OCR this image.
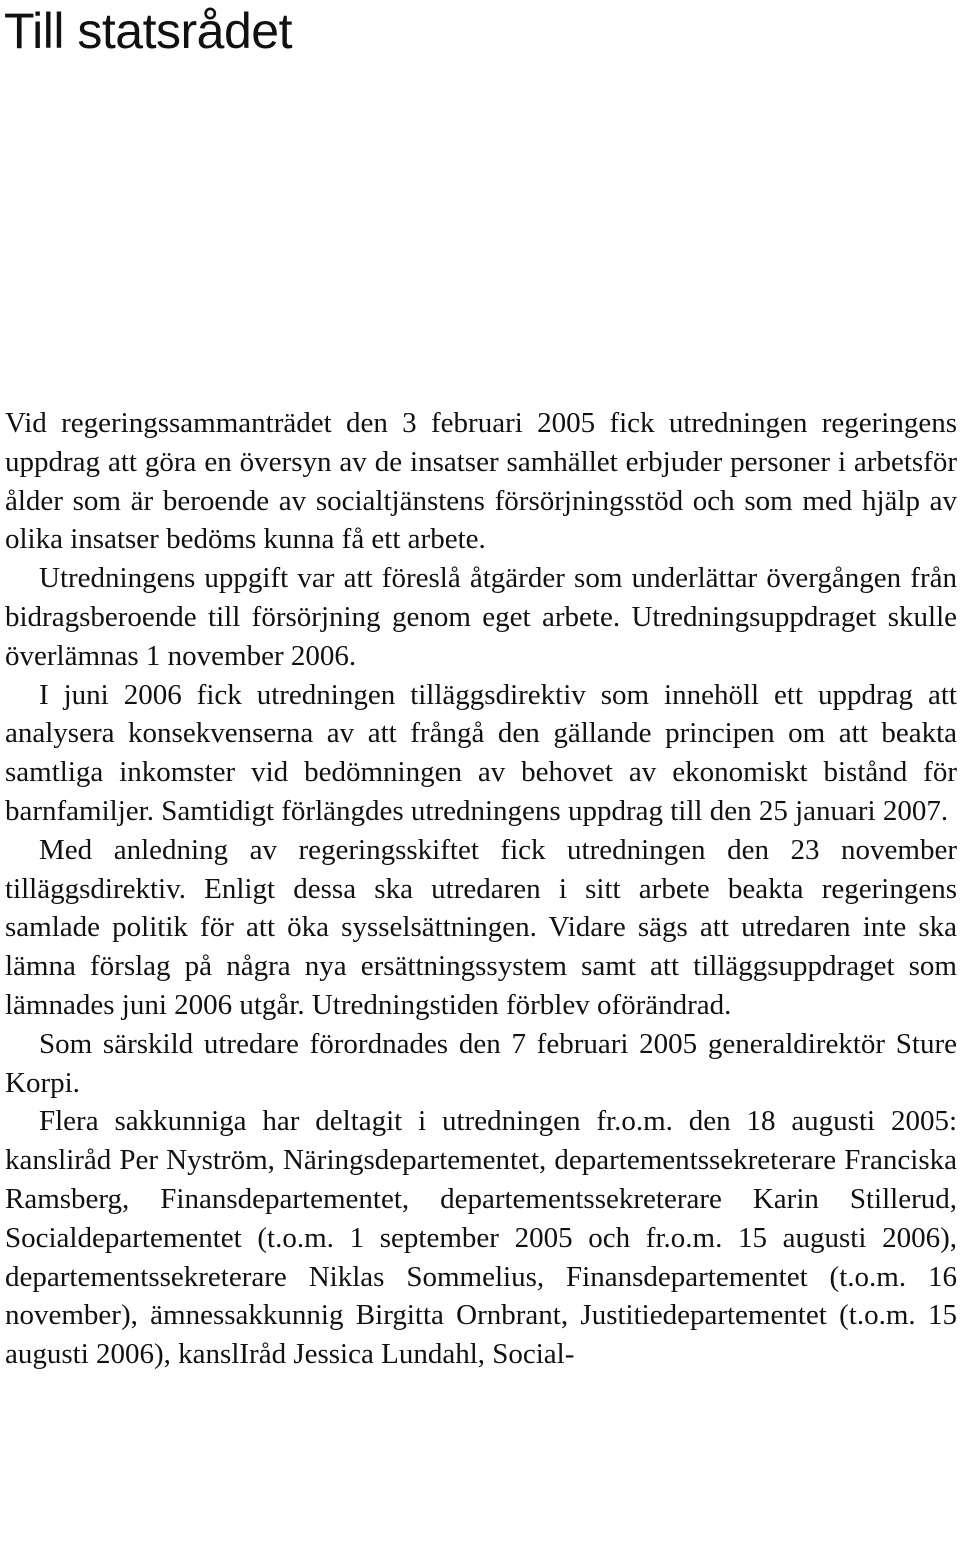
Till statsrådet

Vid regeringssammanträdet den 3 februari 2005 fick utredningen regeringens uppdrag att göra en översyn av de insatser samhället erbjuder personer i arbetsför ålder som är beroende av socialtjänstens försörjningsstöd och som med hjälp av olika insatser bedöms kunna få ett arbete.

Utredningens uppgift var att föreslå åtgärder som underlättar övergången från bidragsberoende till försörjning genom eget arbete. Utredningsuppdraget skulle överlämnas 1 november 2006.

I juni 2006 fick utredningen tilläggsdirektiv som innehöll ett uppdrag att analysera konsekvenserna av att frångå den gällande principen om att beakta samtliga inkomster vid bedömningen av behovet av ekonomiskt bistånd för barnfamiljer. Samtidigt förlängdes utredningens uppdrag till den 25 januari 2007.

Med anledning av regeringsskiftet fick utredningen den 23 november tilläggsdirektiv. Enligt dessa ska utredaren i sitt arbete beakta regeringens samlade politik för att öka sysselsättningen. Vidare sägs att utredaren inte ska lämna förslag på några nya ersättningssystem samt att tilläggsuppdraget som lämnades juni 2006 utgår. Utredningstiden förblev oförändrad.

Som särskild utredare förordnades den 7 februari 2005 generaldirektör Sture Korpi.

Flera sakkunniga har deltagit i utredningen fr.o.m. den 18 augusti 2005: kansliråd Per Nyström, Näringsdepartementet, departementssekreterare Franciska Ramsberg, Finansdepartementet, departementssekreterare Karin Stillerud, Socialdepartementet (t.o.m. 1 september 2005 och fr.o.m. 15 augusti 2006), departementssekreterare Niklas Sommelius, Finansdepartementet (t.o.m. 16 november), ämnessakkunnig Birgitta Ornbrant, Justitiedepartementet (t.o.m. 15 augusti 2006), kanslIråd Jessica Lundahl, Social-
